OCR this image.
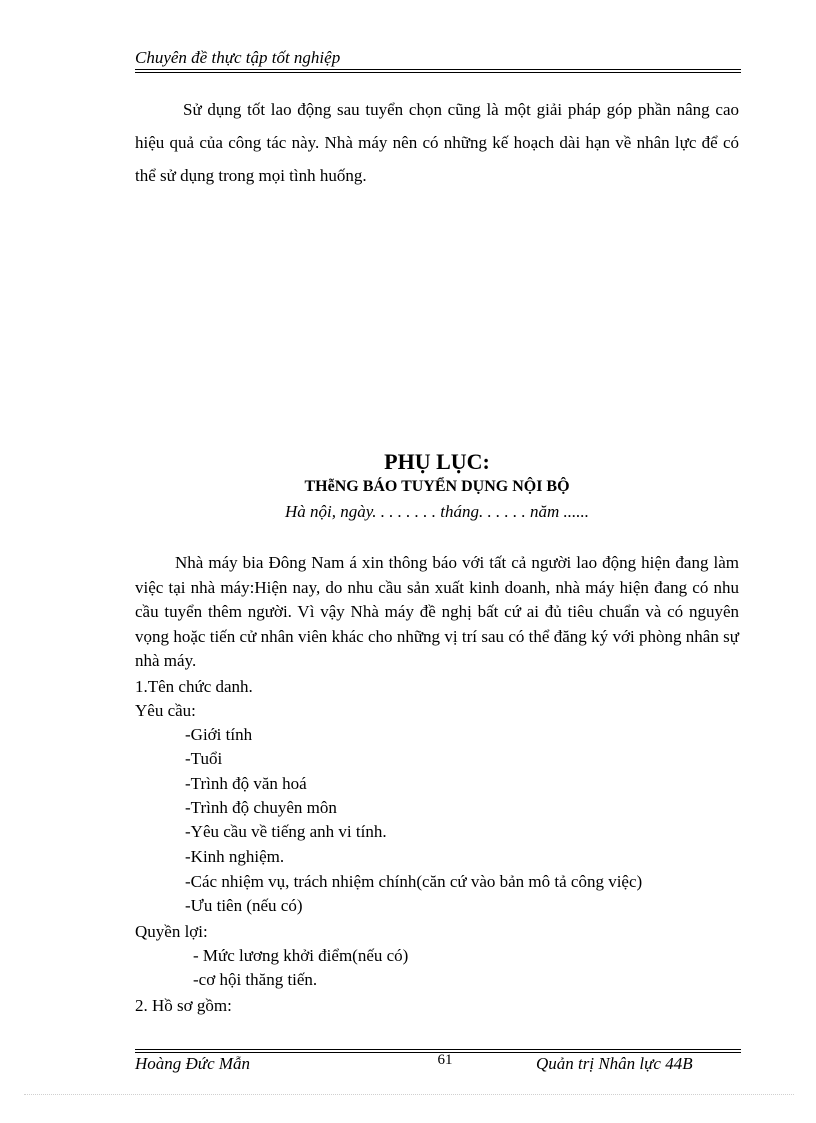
Chuyên đề thực tập tốt nghiệp
Sử dụng tốt lao động sau tuyển chọn cũng là một giải pháp góp phần nâng cao hiệu quả của công tác này. Nhà máy nên có những kế hoạch dài hạn về nhân lực để có thể sử dụng trong mọi tình huống.
PHỤ LỤC:
THễNG BÁO TUYỂN DỤNG NỘI BỘ
Hà nội, ngày. . . . . . . . tháng. . . . . . năm ......
Nhà máy bia Đông Nam á xin thông báo với tất cả người lao động hiện đang làm việc tại nhà máy:Hiện nay, do nhu cầu sản xuất kinh doanh, nhà máy hiện đang có nhu cầu tuyển thêm người. Vì vậy Nhà máy đề nghị bất cứ ai đủ tiêu chuẩn và có nguyên vọng hoặc tiến cử nhân viên khác cho những vị trí sau có thể đăng ký với phòng nhân sự nhà máy.
1.Tên chức danh.
Yêu cầu:
-Giới tính
-Tuổi
-Trình độ văn hoá
-Trình độ chuyên môn
-Yêu cầu về tiếng anh vi tính.
-Kinh nghiệm.
-Các nhiệm vụ, trách nhiệm chính(căn cứ vào bản mô tả công việc)
-Ưu tiên (nếu có)
Quyền lợi:
- Mức lương khởi điểm(nếu có)
-cơ hội thăng tiến.
2. Hồ sơ gồm:
Hoàng Đức Mẫn	61	Quản trị Nhân lực 44B
